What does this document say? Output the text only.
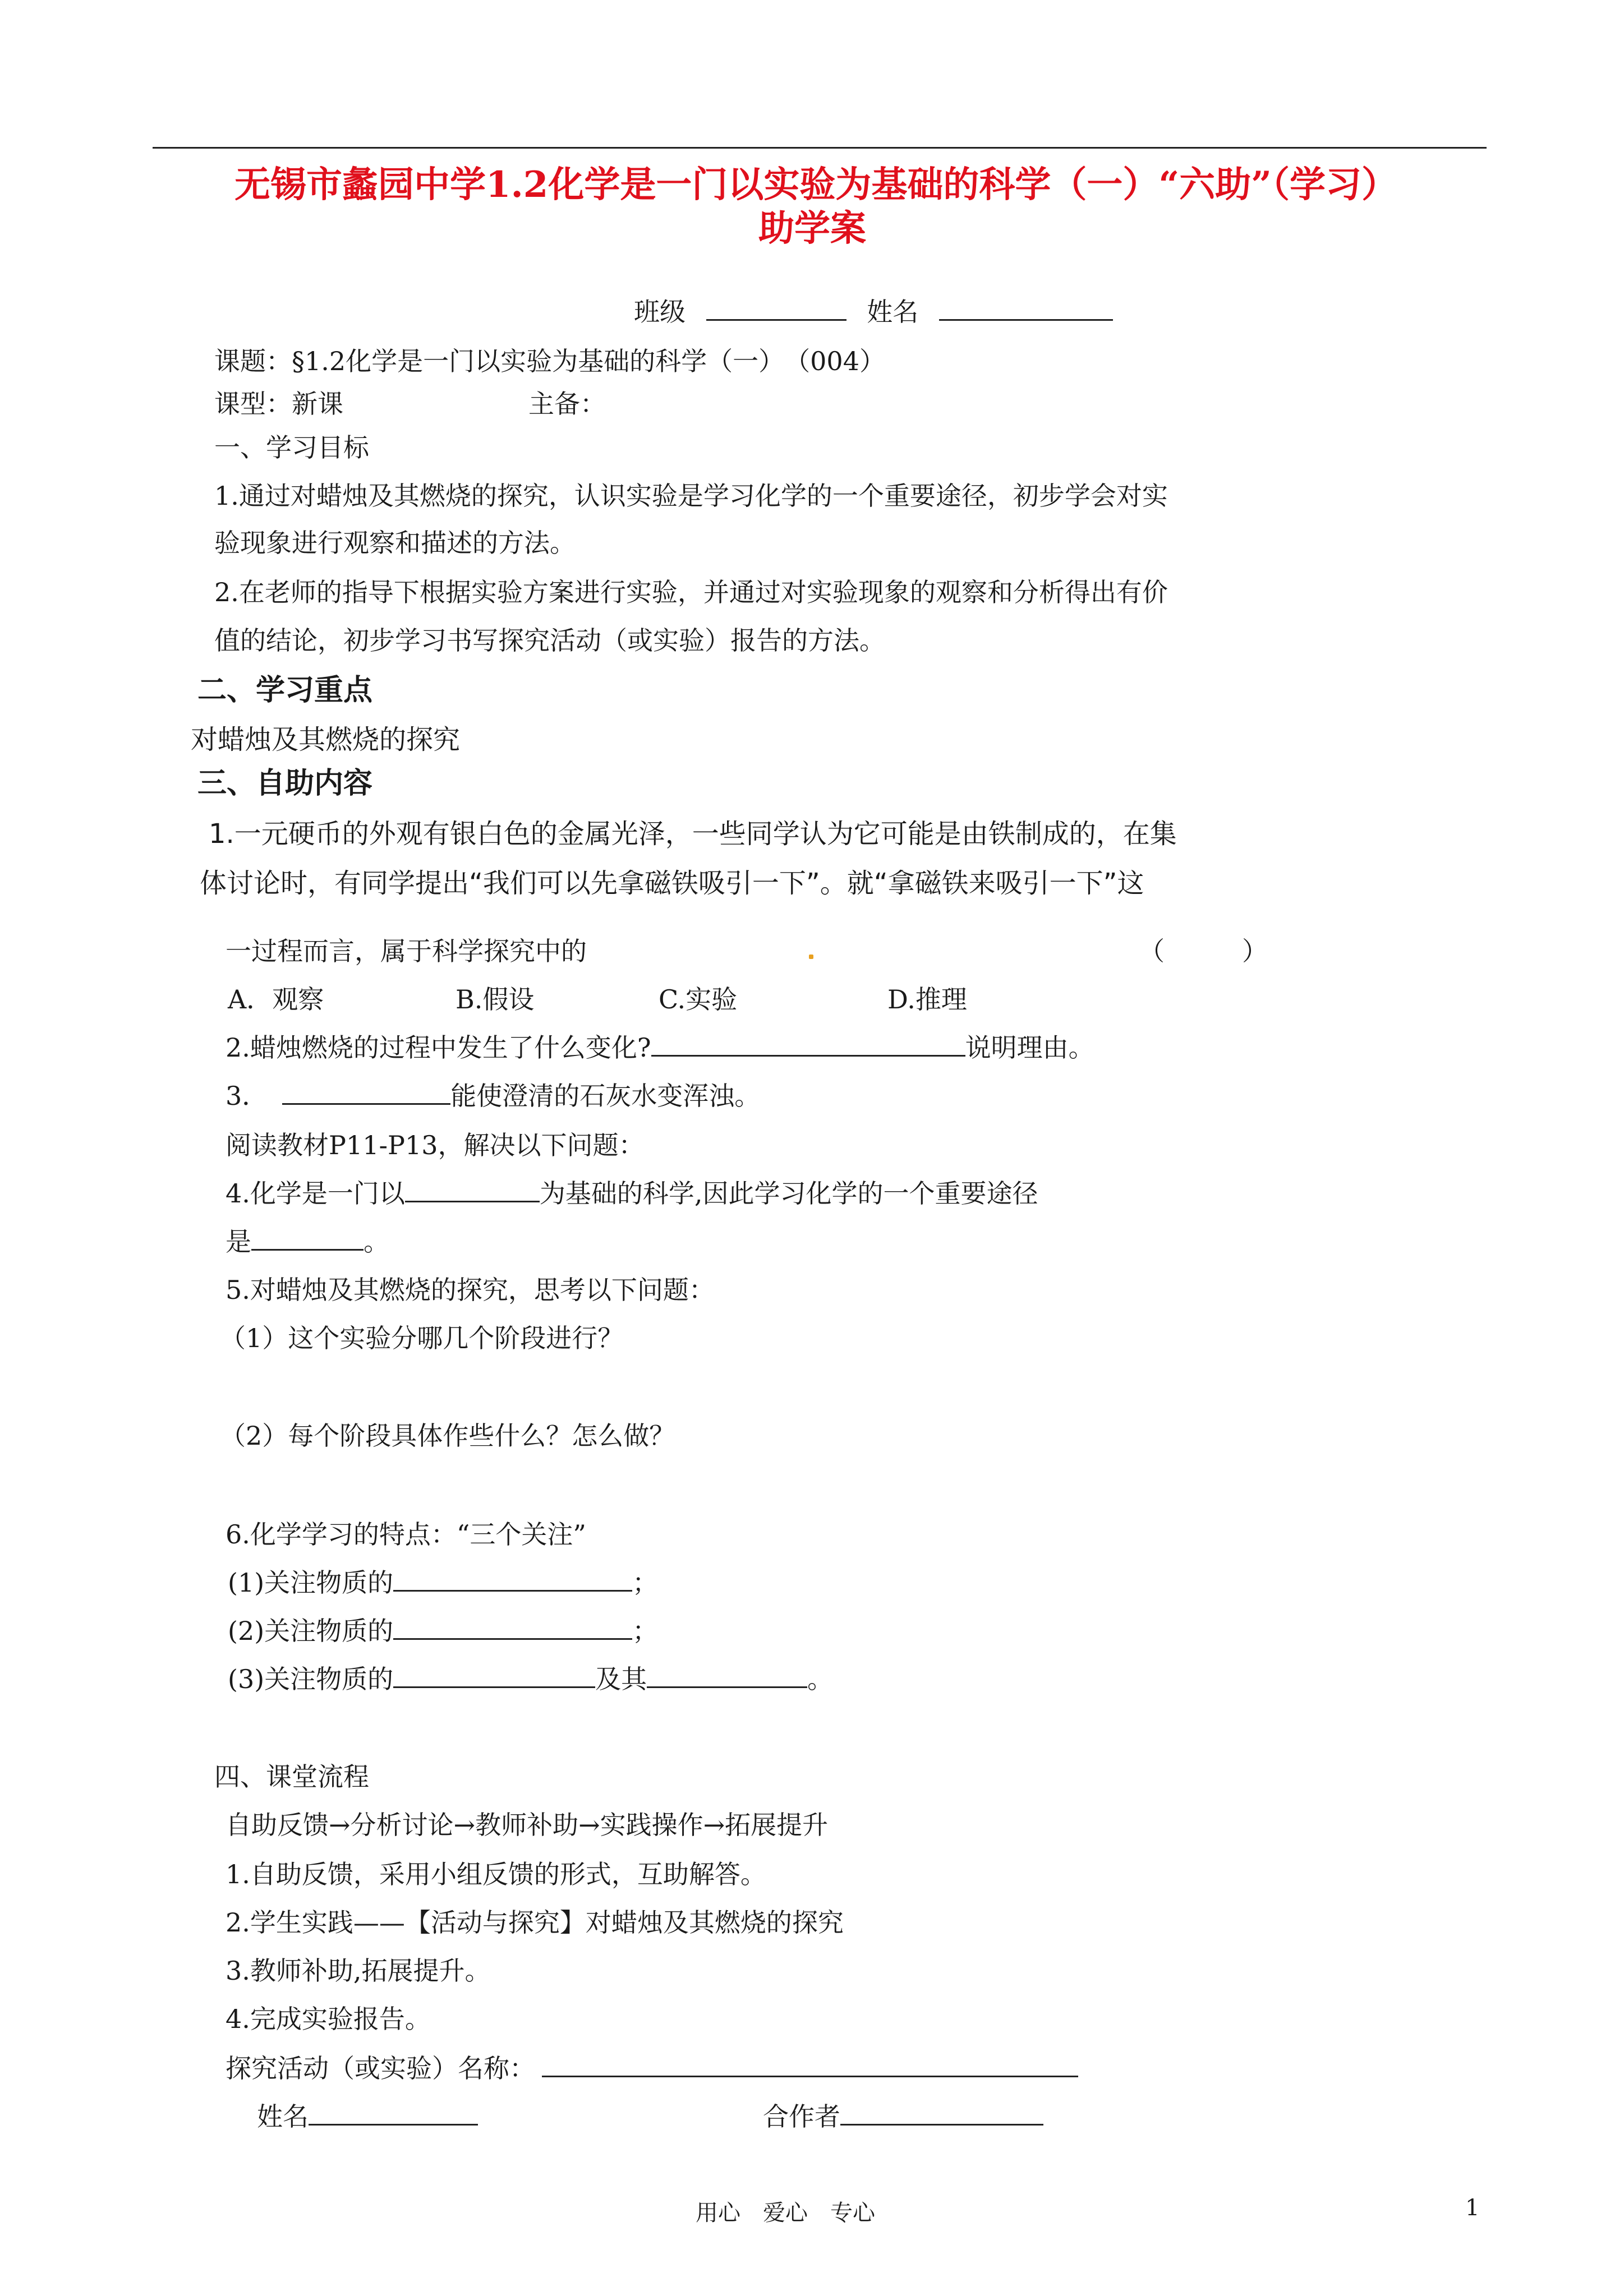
无锡市蠡园中学1.2化学是一门以实验为基础的科学（一）“六助”（学习）
助学案
班级	姓名
课题：§1.2化学是一门以实验为基础的科学（一）　（004）
课型：新课	主备：
一、学习目标
1.通过对蜡烛及其燃烧的探究，认识实验是学习化学的一个重要途径，初步学会对实
验现象进行观察和描述的方法。
2.在老师的指导下根据实验方案进行实验，并通过对实验现象的观察和分析得出有价
值的结论，初步学习书写探究活动（或实验）报告的方法。
二、学习重点
对蜡烛及其燃烧的探究
三、自助内容
1.一元硬币的外观有银白色的金属光泽，一些同学认为它可能是由铁制成的，在集
体讨论时，有同学提出“我们可以先拿磁铁吸引一下”。就“拿磁铁来吸引一下”这
一过程而言，属于科学探究中的	（　　　）
A．观察	B.假设	C.实验	D.推理
2.蜡烛燃烧的过程中发生了什么变化?	说明理由。
3．	能使澄清的石灰水变浑浊。
阅读教材P11-P13，解决以下问题：
4.化学是一门以	为基础的科学,因此学习化学的一个重要途径
是	。
5.对蜡烛及其燃烧的探究，思考以下问题：
（1）这个实验分哪几个阶段进行？
（2）每个阶段具体作些什么？怎么做？
6.化学学习的特点：“三个关注”
(1)关注物质的	；
(2)关注物质的	；
(3)关注物质的	及其	。
四、课堂流程
自助反馈→分析讨论→教师补助→实践操作→拓展提升
1.自助反馈，采用小组反馈的形式，互助解答。
2.学生实践——【活动与探究】对蜡烛及其燃烧的探究
3.教师补助,拓展提升。
4.完成实验报告。
探究活动（或实验）名称：
姓名	合作者
用心　爱心　专心	1
